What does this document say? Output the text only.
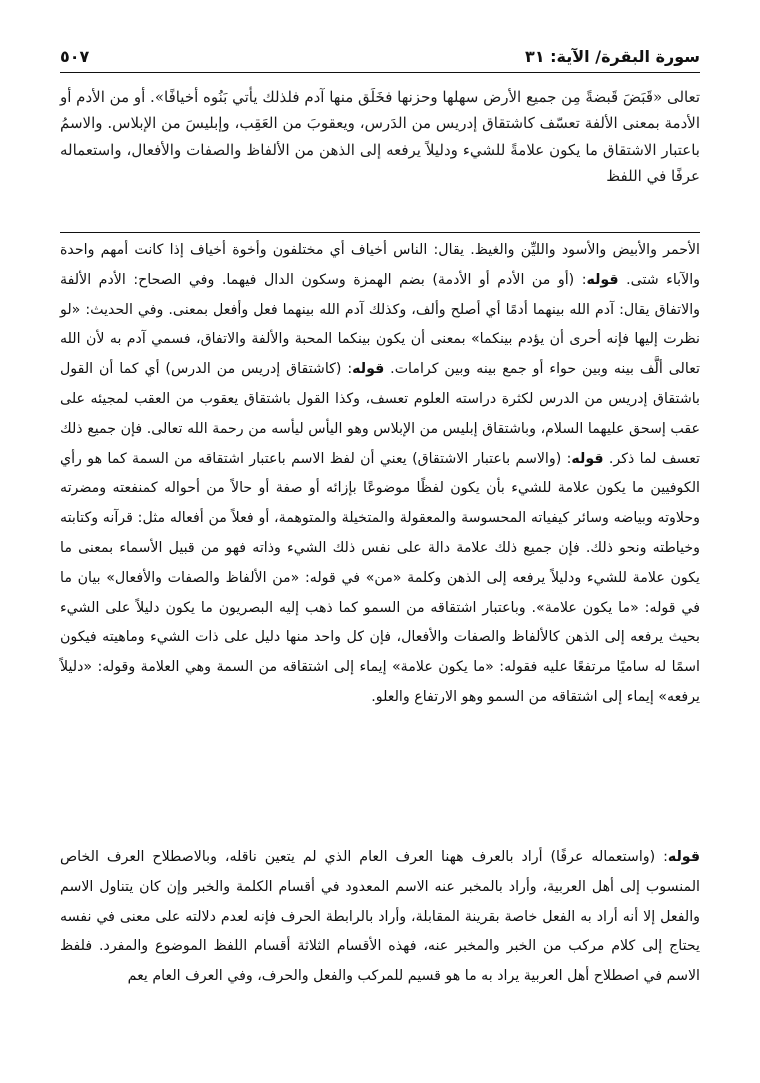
سورة البقرة/ الآية: ٣١
٥٠٧

تعالى «قَبَضَ قَبضةً مِن جميع الأرض سهلها وحزنها فخَلَق منها آدم فلذلك يأتي بَنُوه أخيافًا». أو من الأدم أو الأدمة بمعنى الألفة تعسّف كاشتقاق إدريس من الدَرس، ويعقوبَ من العَقِب، وإبليسَ من الإبلاس. والاسمُ باعتبار الاشتقاق ما يكون علامةً للشيء ودليلاً يرفعه إلى الذهن من الألفاظ والصفات والأفعال، واستعماله عرفًا في اللفظ

الأحمر والأبيض والأسود والليِّن والغيظ. يقال: الناس أخياف أي مختلفون وأخوة أخياف إذا كانت أمهم واحدة والآباء شتى. قوله: (أو من الأدم أو الأدمة) بضم الهمزة وسكون الدال فيهما. وفي الصحاح: الأدم الألفة والاتفاق يقال: آدم الله بينهما أدمًا أي أصلح وألف، وكذلك آدم الله بينهما فعل وأفعل بمعنى. وفي الحديث: «لو نظرت إليها فإنه أحرى أن يؤدم بينكما» بمعنى أن يكون بينكما المحبة والألفة والاتفاق، فسمي آدم به لأن الله تعالى ألَّف بينه وبين حواء أو جمع بينه وبين كرامات. قوله: (كاشتقاق إدريس من الدرس) أي كما أن القول باشتقاق إدريس من الدرس لكثرة دراسته العلوم تعسف، وكذا القول باشتقاق يعقوب من العقب لمجيئه على عقب إسحق عليهما السلام، وباشتقاق إبليس من الإبلاس وهو اليأس ليأسه من رحمة الله تعالى. فإن جميع ذلك تعسف لما ذكر. قوله: (والاسم باعتبار الاشتقاق) يعني أن لفظ الاسم باعتبار اشتقاقه من السمة كما هو رأي الكوفيين ما يكون علامة للشيء بأن يكون لفظًا موضوعًا بإزائه أو صفة أو حالاً من أحواله كمنفعته ومضرته وحلاوته وبياضه وسائر كيفياته المحسوسة والمعقولة والمتخيلة والمتوهمة، أو فعلاً من أفعاله مثل: قرآنه وكتابته وخياطته ونحو ذلك. فإن جميع ذلك علامة دالة على نفس ذلك الشيء وذاته فهو من قبيل الأسماء بمعنى ما يكون علامة للشيء ودليلاً يرفعه إلى الذهن وكلمة «من» في قوله: «من الألفاظ والصفات والأفعال» بيان ما في قوله: «ما يكون علامة». وباعتبار اشتقاقه من السمو كما ذهب إليه البصريون ما يكون دليلاً على الشيء بحيث يرفعه إلى الذهن كالألفاظ والصفات والأفعال، فإن كل واحد منها دليل على ذات الشيء وماهيته فيكون اسمًا له ساميًا مرتفعًا عليه فقوله: «ما يكون علامة» إيماء إلى اشتقاقه من السمة وهي العلامة وقوله: «دليلاً يرفعه» إيماء إلى اشتقاقه من السمو وهو الارتفاع والعلو.

قوله: (واستعماله عرفًا) أراد بالعرف ههنا العرف العام الذي لم يتعين ناقله، وبالاصطلاح العرف الخاص المنسوب إلى أهل العربية، وأراد بالمخبر عنه الاسم المعدود في أقسام الكلمة والخبر وإن كان يتناول الاسم والفعل إلا أنه أراد به الفعل خاصة بقرينة المقابلة، وأراد بالرابطة الحرف فإنه لعدم دلالته على معنى في نفسه يحتاج إلى كلام مركب من الخبر والمخبر عنه، فهذه الأقسام الثلاثة أقسام اللفظ الموضوع والمفرد. فلفظ الاسم في اصطلاح أهل العربية يراد به ما هو قسيم للمركب والفعل والحرف، وفي العرف العام يعم
